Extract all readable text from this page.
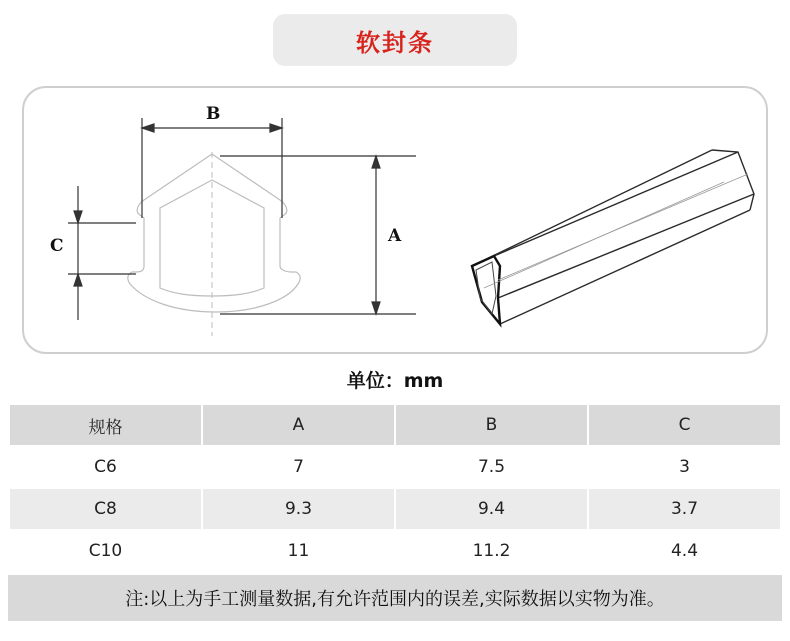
软封条
B
A
C
单位：mm
规格	A	B	C
C6	7	7.5	3
C8	9.3	9.4	3.7
C10	11	11.2	4.4
注:以上为手工测量数据,有允许范围内的误差,实际数据以实物为准。
